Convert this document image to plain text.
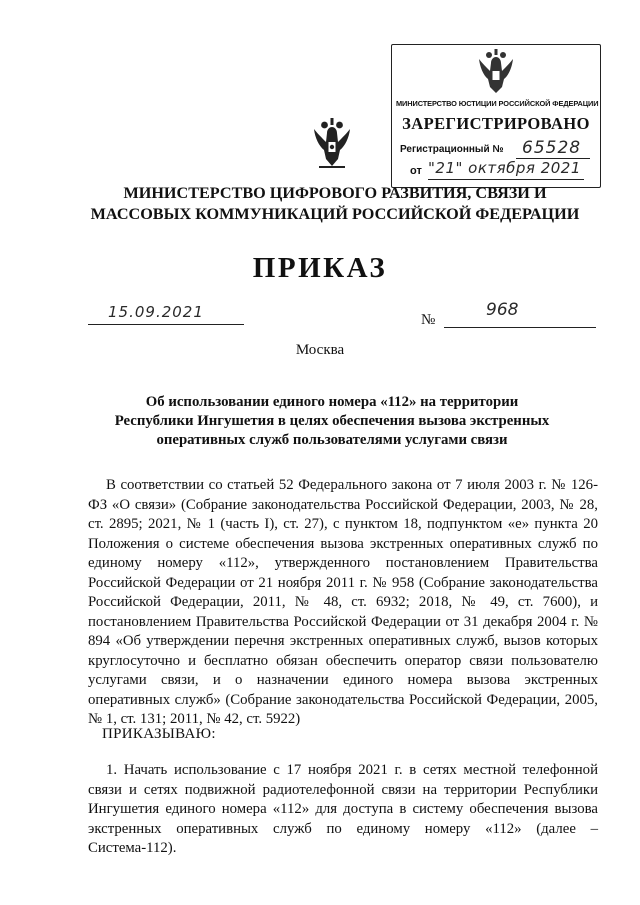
МИНИСТЕРСТВО ЮСТИЦИИ РОССИЙСКОЙ ФЕДЕРАЦИИ
ЗАРЕГИСТРИРОВАНО
Регистрационный № 65528
от "21" октября 2021
МИНИСТЕРСТВО ЦИФРОВОГО РАЗВИТИЯ, СВЯЗИ И
МАССОВЫХ КОММУНИКАЦИЙ РОССИЙСКОЙ ФЕДЕРАЦИИ
ПРИКАЗ
15.09.2021	№	968
Москва
Об использовании единого номера «112» на территории
Республики Ингушетия в целях обеспечения вызова экстренных
оперативных служб пользователями услугами связи

В соответствии со статьей 52 Федерального закона от 7 июля 2003 г. № 126-ФЗ «О связи» (Собрание законодательства Российской Федерации, 2003, № 28, ст. 2895; 2021, № 1 (часть I), ст. 27), с пунктом 18, подпунктом «е» пункта 20 Положения о системе обеспечения вызова экстренных оперативных служб по единому номеру «112», утвержденного постановлением Правительства Российской Федерации от 21 ноября 2011 г. № 958 (Собрание законодательства Российской Федерации, 2011, № 48, ст. 6932; 2018, № 49, ст. 7600), и постановлением Правительства Российской Федерации от 31 декабря 2004 г. № 894 «Об утверждении перечня экстренных оперативных служб, вызов которых круглосуточно и бесплатно обязан обеспечить оператор связи пользователю услугами связи, и о назначении единого номера вызова экстренных оперативных служб» (Собрание законодательства Российской Федерации, 2005, № 1, ст. 131; 2011, № 42, ст. 5922)

ПРИКАЗЫВАЮ:

1. Начать использование с 17 ноября 2021 г. в сетях местной телефонной связи и сетях подвижной радиотелефонной связи на территории Республики Ингушетия единого номера «112» для доступа в систему обеспечения вызова экстренных оперативных служб по единому номеру «112» (далее – Система-112).
